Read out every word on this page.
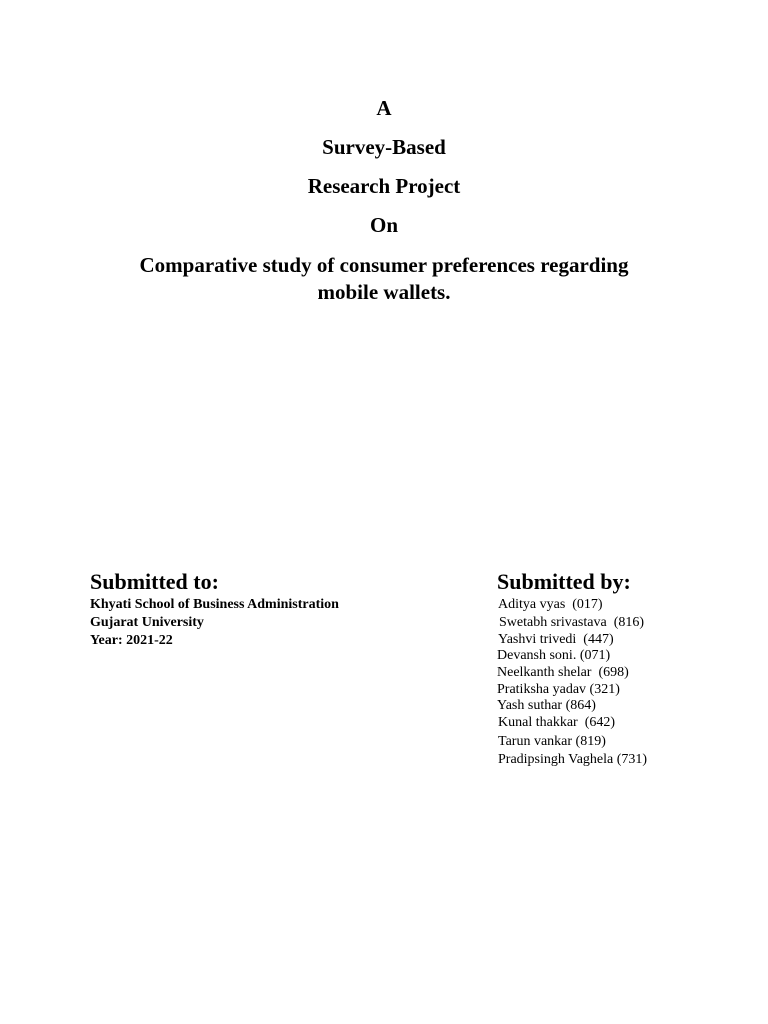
A
Survey-Based
Research Project
On
Comparative study of consumer preferences regarding
mobile wallets.
Submitted to:
Khyati School of Business Administration
Gujarat University
Year: 2021-22
Submitted by:
Aditya vyas  (017)
Swetabh srivastava  (816)
Yashvi trivedi  (447)
Devansh soni. (071)
Neelkanth shelar  (698)
Pratiksha yadav (321)
Yash suthar (864)
Kunal thakkar  (642)
Tarun vankar (819)
Pradipsingh Vaghela (731)
